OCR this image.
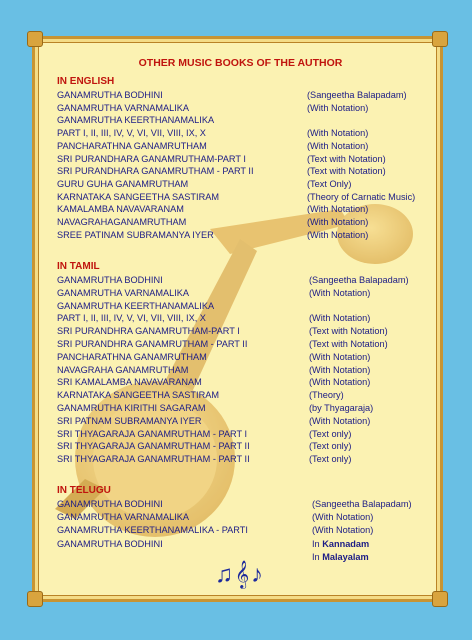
OTHER MUSIC BOOKS OF THE AUTHOR
IN ENGLISH
GANAMRUTHA BODHINI	(Sangeetha Balapadam)
GANAMRUTHA VARNAMALIKA	(With Notation)
GANAMRUTHA KEERTHANAMALIKA
PART I, II, III, IV, V, VI, VII, VIII, IX, X	(With Notation)
PANCHARATHNA GANAMRUTHAM	(With Notation)
SRI PURANDHARA GANAMRUTHAM-PART I	(Text with Notation)
SRI PURANDHARA GANAMRUTHAM - PART II	(Text with Notation)
GURU GUHA GANAMRUTHAM	(Text Only)
KARNATAKA SANGEETHA SASTIRAM	(Theory of Carnatic Music)
KAMALAMBA NAVAVARANAM	(With Notation)
NAVAGRAHAGANAMRUTHAM	(With Notation)
SREE PATINAM SUBRAMANYA IYER	(With Notation)
IN TAMIL
GANAMRUTHA BODHINI	(Sangeetha Balapadam)
GANAMRUTHA VARNAMALIKA	(With Notation)
GANAMRUTHA KEERTHANAMALIKA
PART I, II, III, IV, V, VI, VII, VIII, IX, X	(With Notation)
SRI PURANDHRA GANAMRUTHAM-PART I	(Text with Notation)
SRI PURANDHRA GANAMRUTHAM - PART II	(Text with Notation)
PANCHARATHNA GANAMRUTHAM	(With Notation)
NAVAGRAHA GANAMRUTHAM	(With Notation)
SRI KAMALAMBA NAVAVARANAM	(With Notation)
KARNATAKA SANGEETHA SASTIRAM	(Theory)
GANAMRUTHA KIRITHI SAGARAM	(by Thyagaraja)
SRI PATNAM SUBRAMANYA IYER	(With Notation)
SRI THYAGARAJA GANAMRUTHAM - PART I	(Text only)
SRI THYAGARAJA GANAMRUTHAM - PART II	(Text only)
SRI THYAGARAJA GANAMRUTHAM - PART II	(Text only)
IN TELUGU
GANAMRUTHA BODHINI	(Sangeetha Balapadam)
GANAMRUTHA VARNAMALIKA	(With Notation)
GANAMRUTHA KEERTHANAMALIKA - PARTI	(With Notation)
GANAMRUTHA BODHINI	In Kannadam
In Malayalam
♫𝄞♪
